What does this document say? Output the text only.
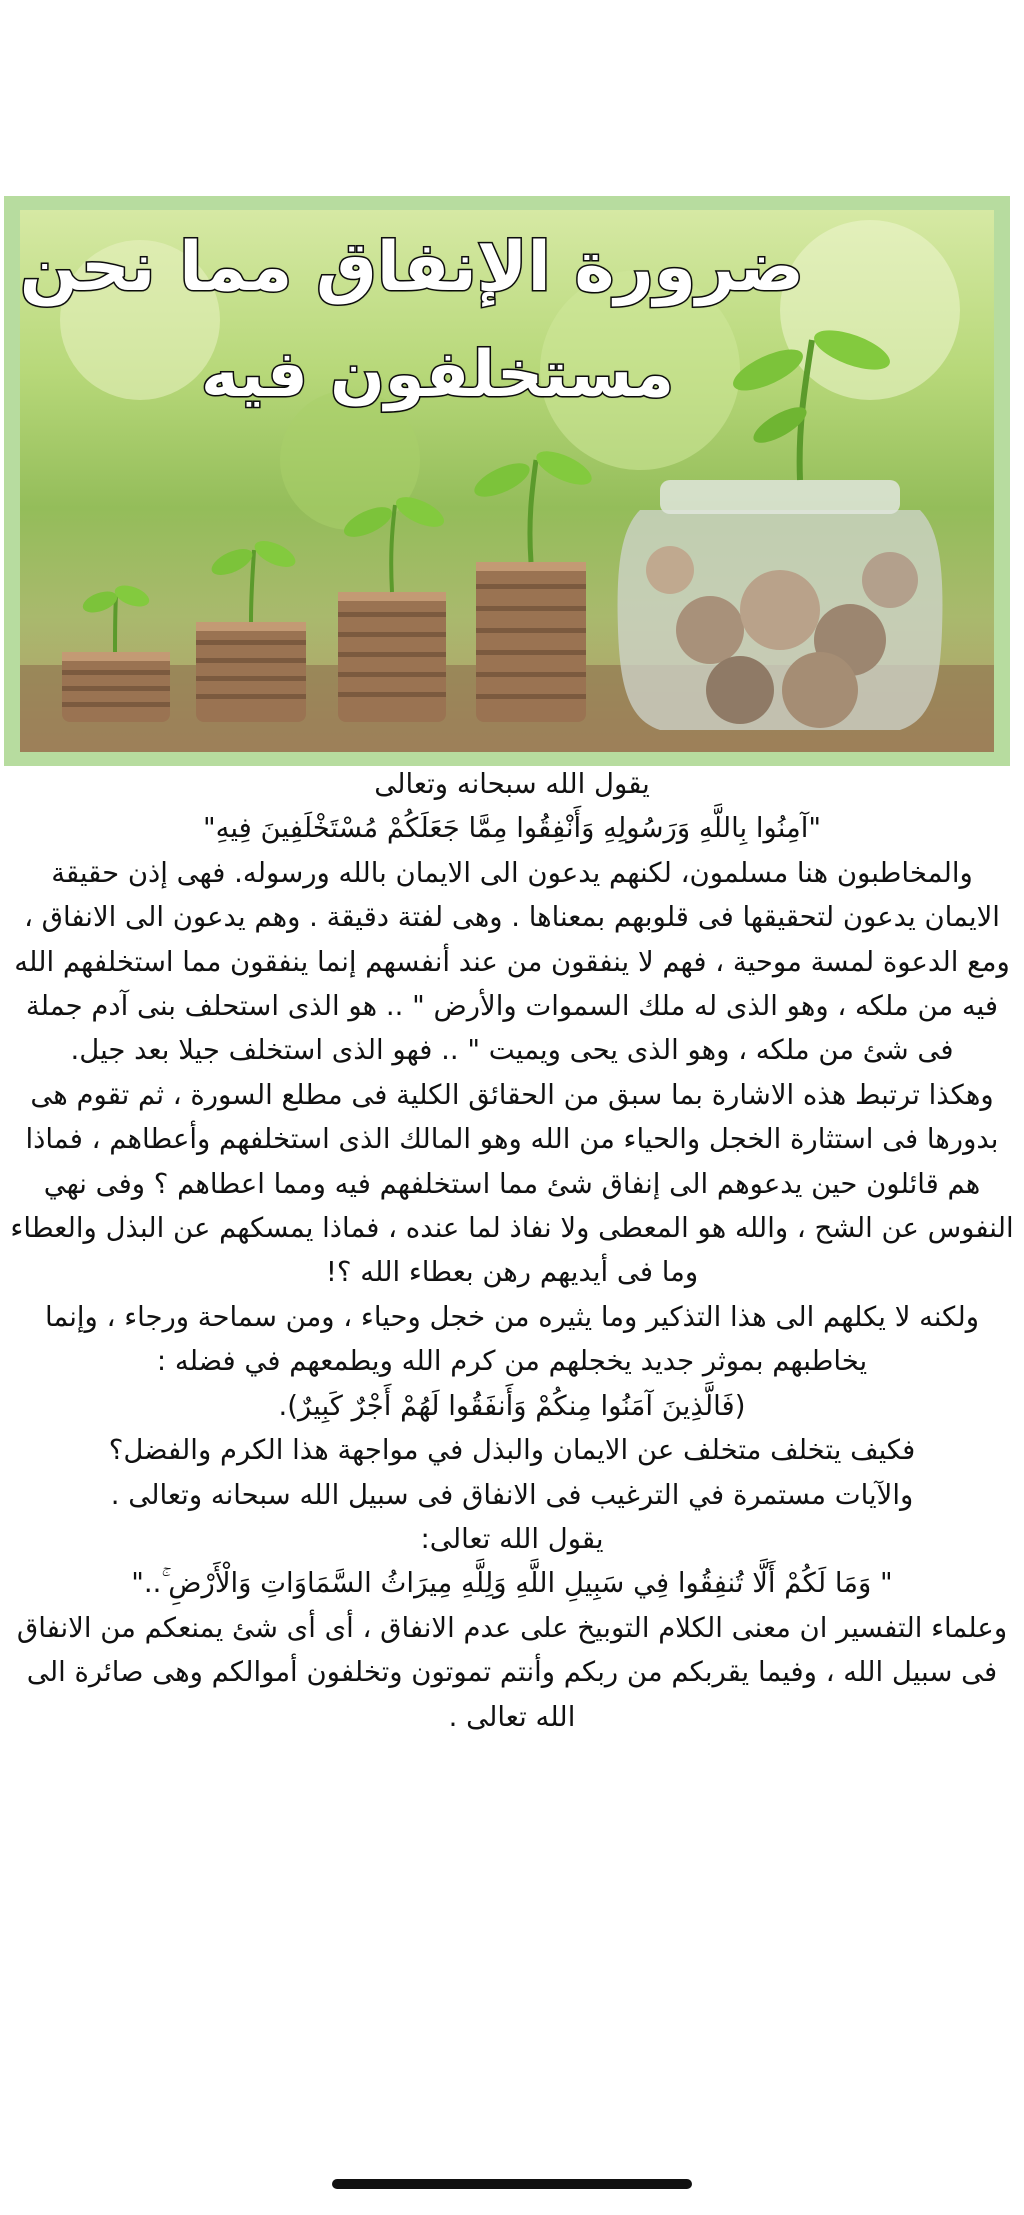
ضرورة الإنفاق مما نحن
مستخلفون فيه

يقول الله سبحانه وتعالى

"آمِنُوا بِاللَّهِ وَرَسُولِهِ وَأَنْفِقُوا مِمَّا جَعَلَكُمْ مُسْتَخْلَفِينَ فِيهِ"

والمخاطبون هنا مسلمون، لكنهم يدعون الى الايمان بالله ورسوله. فهى إذن حقيقة الايمان يدعون لتحقيقها فى قلوبهم بمعناها . وهى لفتة دقيقة . وهم يدعون الى الانفاق ، ومع الدعوة لمسة موحية ، فهم لا ينفقون من عند أنفسهم إنما ينفقون مما استخلفهم الله فيه من ملكه ، وهو الذى له ملك السموات والأرض " .. هو الذى استحلف بنى آدم جملة فى شئ من ملكه ، وهو الذى يحى ويميت " .. فهو الذى استخلف جيلا بعد جيل.

وهكذا ترتبط هذه الاشارة بما سبق من الحقائق الكلية فى مطلع السورة ، ثم تقوم هى بدورها فى استثارة الخجل والحياء من الله وهو المالك الذى استخلفهم وأعطاهم ، فماذا هم قائلون حين يدعوهم الى إنفاق شئ مما استخلفهم فيه ومما اعطاهم ؟ وفى نهي النفوس عن الشح ، والله هو المعطى ولا نفاذ لما عنده ، فماذا يمسكهم عن البذل والعطاء وما فى أيديهم رهن بعطاء الله ؟!

ولكنه لا يكلهم الى هذا التذكير وما يثيره من خجل وحياء ، ومن سماحة ورجاء ، وإنما يخاطبهم بموثر جديد يخجلهم من كرم الله ويطمعهم في فضله :

(فَالَّذِينَ آمَنُوا مِنكُمْ وَأَنفَقُوا لَهُمْ أَجْرٌ كَبِيرٌ).

فكيف يتخلف متخلف عن الايمان والبذل في مواجهة هذا الكرم والفضل؟

والآيات مستمرة في الترغيب فى الانفاق فى سبيل الله سبحانه وتعالى .

يقول الله تعالى:

" وَمَا لَكُمْ أَلَّا تُنفِقُوا فِي سَبِيلِ اللَّهِ وَلِلَّهِ مِيرَاثُ السَّمَاوَاتِ وَالْأَرْضِ ۚ.."

وعلماء التفسير ان معنى الكلام التوبيخ على عدم الانفاق ، أى أى شئ يمنعكم من الانفاق فى سبيل الله ، وفيما يقربكم من ربكم وأنتم تموتون وتخلفون أموالكم وهى صائرة الى الله تعالى .
